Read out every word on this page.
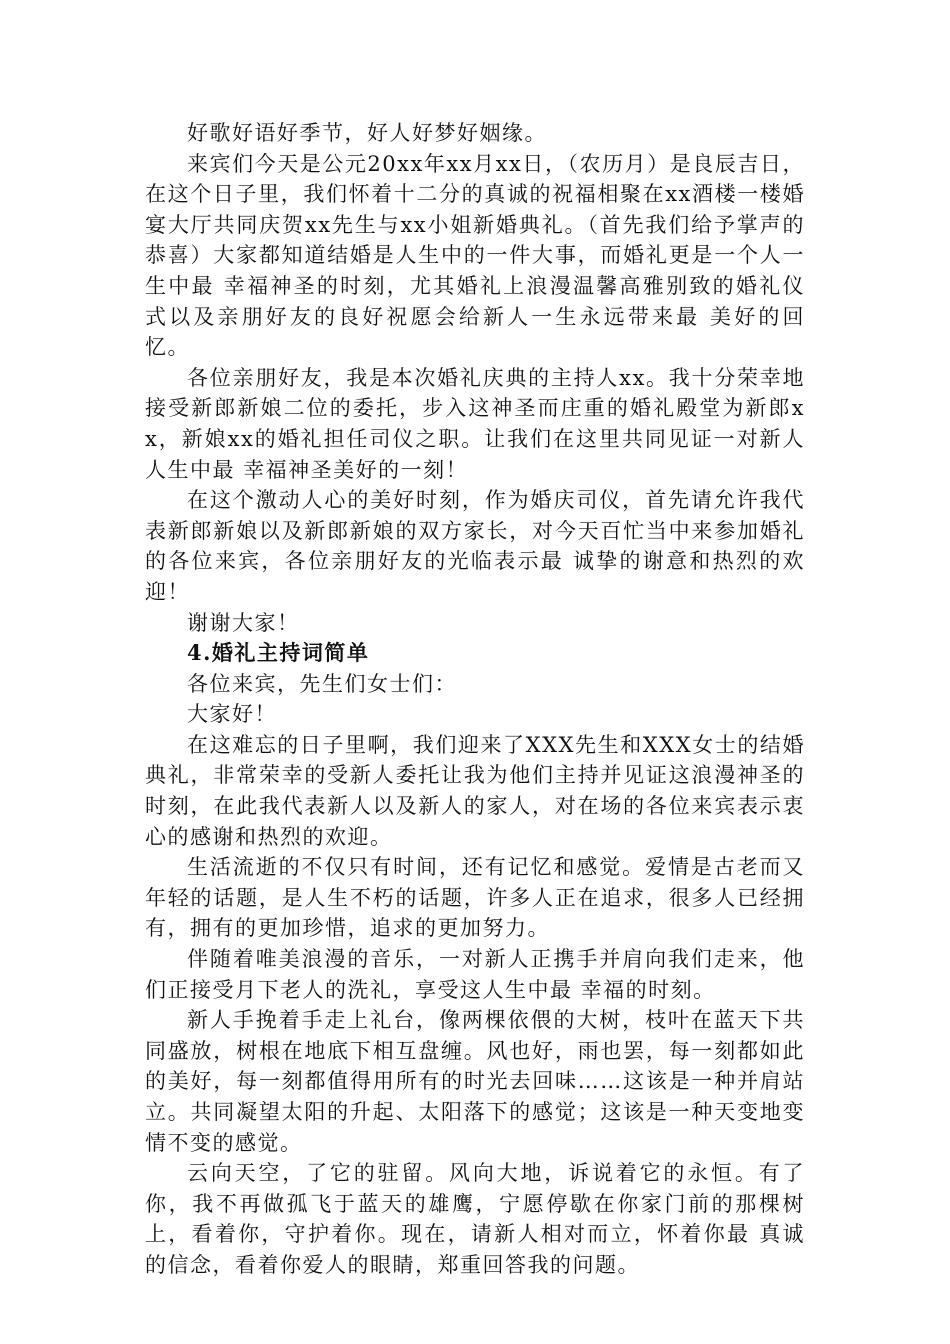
好歌好语好季节，好人好梦好姻缘。

来宾们今天是公元20xx年xx月xx日，（农历月）是良辰吉日，在这个日子里，我们怀着十二分的真诚的祝福相聚在xx酒楼一楼婚宴大厅共同庆贺xx先生与xx小姐新婚典礼。（首先我们给予掌声的恭喜）大家都知道结婚是人生中的一件大事，而婚礼更是一个人一生中最 幸福神圣的时刻，尤其婚礼上浪漫温馨高雅别致的婚礼仪式以及亲朋好友的良好祝愿会给新人一生永远带来最 美好的回忆。

各位亲朋好友，我是本次婚礼庆典的主持人xx。我十分荣幸地接受新郎新娘二位的委托，步入这神圣而庄重的婚礼殿堂为新郎xx，新娘xx的婚礼担任司仪之职。让我们在这里共同见证一对新人人生中最 幸福神圣美好的一刻！

在这个激动人心的美好时刻，作为婚庆司仪，首先请允许我代表新郎新娘以及新郎新娘的双方家长，对今天百忙当中来参加婚礼的各位来宾，各位亲朋好友的光临表示最 诚挚的谢意和热烈的欢迎！

谢谢大家！

4.婚礼主持词简单

各位来宾，先生们女士们：

大家好！

在这难忘的日子里啊，我们迎来了XXX先生和XXX女士的结婚典礼，非常荣幸的受新人委托让我为他们主持并见证这浪漫神圣的时刻，在此我代表新人以及新人的家人，对在场的各位来宾表示衷心的感谢和热烈的欢迎。

生活流逝的不仅只有时间，还有记忆和感觉。爱情是古老而又年轻的话题，是人生不朽的话题，许多人正在追求，很多人已经拥有，拥有的更加珍惜，追求的更加努力。

伴随着唯美浪漫的音乐，一对新人正携手并肩向我们走来，他们正接受月下老人的洗礼，享受这人生中最 幸福的时刻。

新人手挽着手走上礼台，像两棵依偎的大树，枝叶在蓝天下共同盛放，树根在地底下相互盘缠。风也好，雨也罢，每一刻都如此的美好，每一刻都值得用所有的时光去回味……这该是一种并肩站立。共同凝望太阳的升起、太阳落下的感觉；这该是一种天变地变情不变的感觉。

云向天空，了它的驻留。风向大地，诉说着它的永恒。有了你，我不再做孤飞于蓝天的雄鹰，宁愿停歇在你家门前的那棵树上，看着你，守护着你。现在，请新人相对而立，怀着你最 真诚的信念，看着你爱人的眼睛，郑重回答我的问题。
